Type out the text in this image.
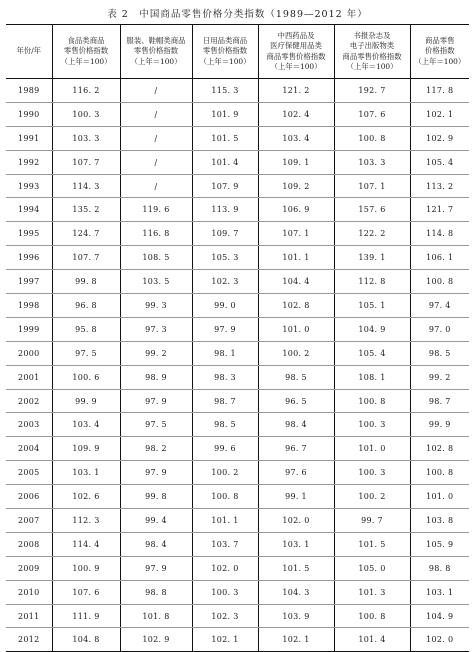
表 2　中国商品零售价格分类指数（1989—2012 年）
年份/年	食品类商品
零售价格指数
（上年＝100）	服装、鞋帽类商品
零售价格指数
（上年＝100）	日用品类商品
零售价格指数
（上年＝100）	中西药品及
医疗保健用品类
商品零售价格指数
（上年＝100）	书报杂志及
电子出版物类
商品零售价格指数
（上年＝100）	商品零售
价格指数
（上年＝100）

1989	116. 2	/	115. 3	121. 2	192. 7	117. 8
1990	100. 3	/	101. 9	102. 4	107. 6	102. 1
1991	103. 3	/	101. 5	103. 4	100. 8	102. 9
1992	107. 7	/	101. 4	109. 1	103. 3	105. 4
1993	114. 3	/	107. 9	109. 2	107. 1	113. 2
1994	135. 2	119. 6	113. 9	106. 9	157. 6	121. 7
1995	124. 7	116. 8	109. 7	107. 1	122. 2	114. 8
1996	107. 7	108. 5	105. 3	101. 1	139. 1	106. 1
1997	99. 8	103. 5	102. 3	104. 4	112. 8	100. 8
1998	96. 8	99. 3	99. 0	102. 8	105. 1	97. 4
1999	95. 8	97. 3	97. 9	101. 0	104. 9	97. 0
2000	97. 5	99. 2	98. 1	100. 2	105. 4	98. 5
2001	100. 6	98. 9	98. 3	98. 5	108. 1	99. 2
2002	99. 9	97. 9	98. 7	96. 5	100. 8	98. 7
2003	103. 4	97. 5	98. 5	98. 4	100. 3	99. 9
2004	109. 9	98. 2	99. 6	96. 7	101. 0	102. 8
2005	103. 1	97. 9	100. 2	97. 6	100. 3	100. 8
2006	102. 6	99. 8	100. 8	99. 1	100. 2	101. 0
2007	112. 3	99. 4	101. 1	102. 0	99. 7	103. 8
2008	114. 4	98. 4	103. 7	103. 1	101. 5	105. 9
2009	100. 9	97. 9	102. 0	101. 5	105. 0	98. 8
2010	107. 6	98. 8	100. 3	104. 3	101. 3	103. 1
2011	111. 9	101. 8	102. 3	103. 9	100. 8	104. 9
2012	104. 8	102. 9	102. 1	102. 1	101. 4	102. 0
